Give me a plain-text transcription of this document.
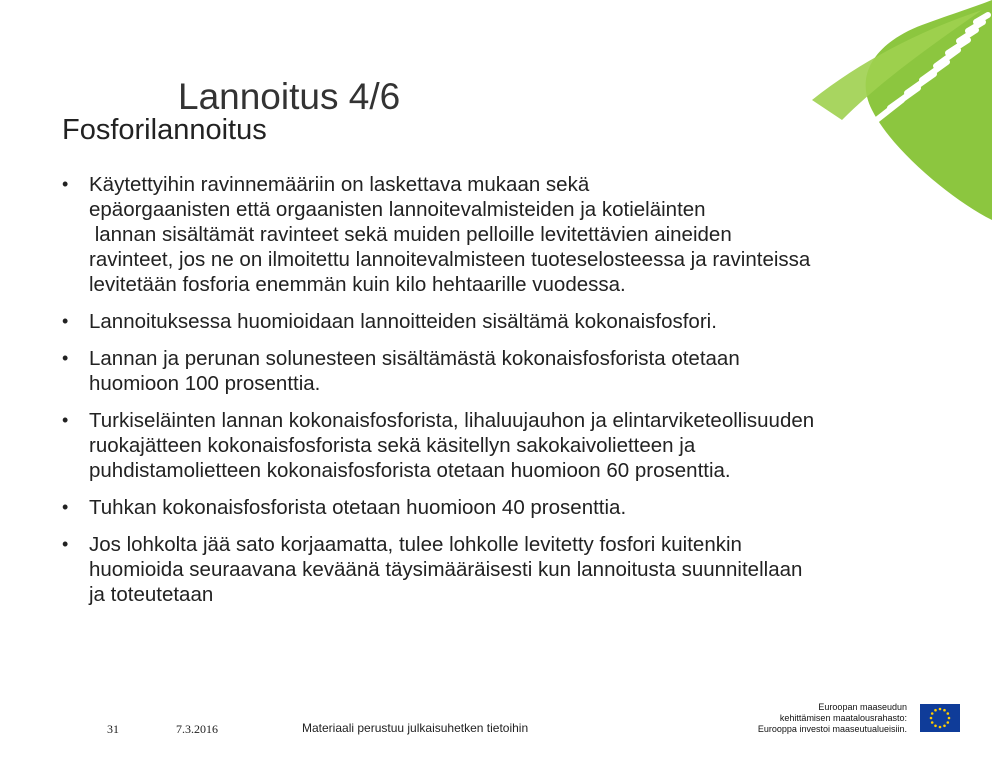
Lannoitus 4/6
Fosforilannoitus
• Käytettyihin ravinnemääriin on laskettava mukaan sekä
epäorgaanisten että orgaanisten lannoitevalmisteiden ja kotieläinten
lannan sisältämät ravinteet sekä muiden pelloille levitettävien aineiden
ravinteet, jos ne on ilmoitettu lannoitevalmisteen tuoteselosteessa ja ravinteissa
levitetään fosforia enemmän kuin kilo hehtaarille vuodessa.
• Lannoituksessa huomioidaan lannoitteiden sisältämä kokonaisfosfori.
• Lannan ja perunan solunesteen sisältämästä kokonaisfosforista otetaan
huomioon 100 prosenttia.
• Turkiseläinten lannan kokonaisfosforista, lihaluujauhon ja elintarviketeollisuuden
ruokajätteen kokonaisfosforista sekä käsitellyn sakokaivolietteen ja
puhdistamolietteen kokonaisfosforista otetaan huomioon 60 prosenttia.
• Tuhkan kokonaisfosforista otetaan huomioon 40 prosenttia.
• Jos lohkolta jää sato korjaamatta, tulee lohkolle levitetty fosfori kuitenkin
huomioida seuraavana keväänä täysimääräisesti kun lannoitusta suunnitellaan
ja toteutetaan
31	7.3.2016	Materiaali perustuu julkaisuhetken tietoihin
Euroopan maaseudun
kehittämisen maatalousrahasto:
Eurooppa investoi maaseutualueisiin.
